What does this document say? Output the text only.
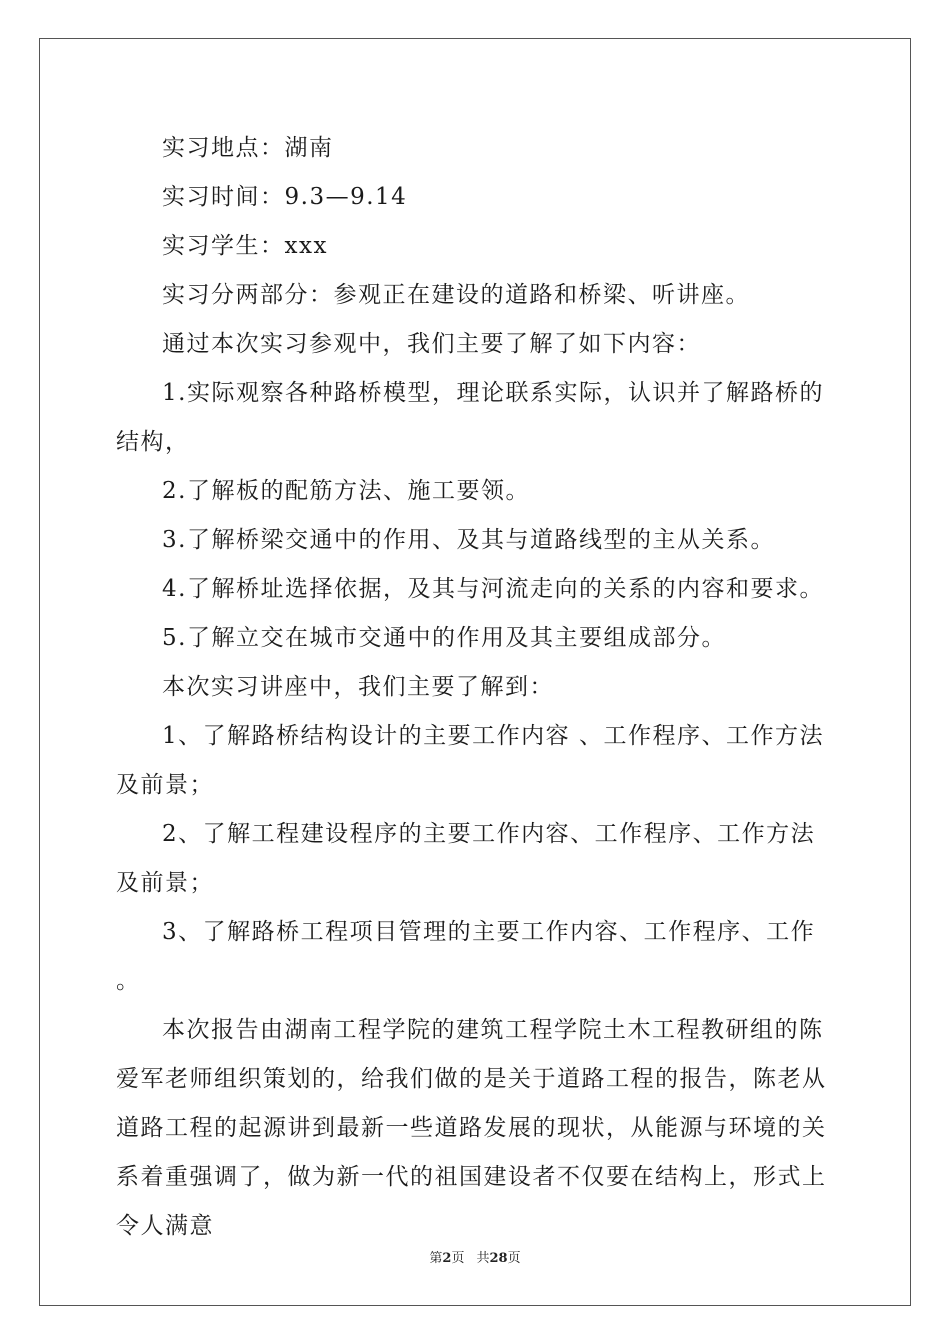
实习地点：湖南

实习时间：9.3—9.14

实习学生：xxx

实习分两部分：参观正在建设的道路和桥梁、听讲座。

通过本次实习参观中，我们主要了解了如下内容：

1.实际观察各种路桥模型，理论联系实际，认识并了解路桥的结构，

2.了解板的配筋方法、施工要领。

3.了解桥梁交通中的作用、及其与道路线型的主从关系。

4.了解桥址选择依据，及其与河流走向的关系的内容和要求。

5.了解立交在城市交通中的作用及其主要组成部分。

本次实习讲座中，我们主要了解到：

1、了解路桥结构设计的主要工作内容 、工作程序、工作方法及前景；

2、了解工程建设程序的主要工作内容、工作程序、工作方法及前景；

3、了解路桥工程项目管理的主要工作内容、工作程序、工作 。

本次报告由湖南工程学院的建筑工程学院土木工程教研组的陈爱军老师组织策划的，给我们做的是关于道路工程的报告，陈老从道路工程的起源讲到最新一些道路发展的现状，从能源与环境的关系着重强调了，做为新一代的祖国建设者不仅要在结构上，形式上令人满意

第2页 共28页
